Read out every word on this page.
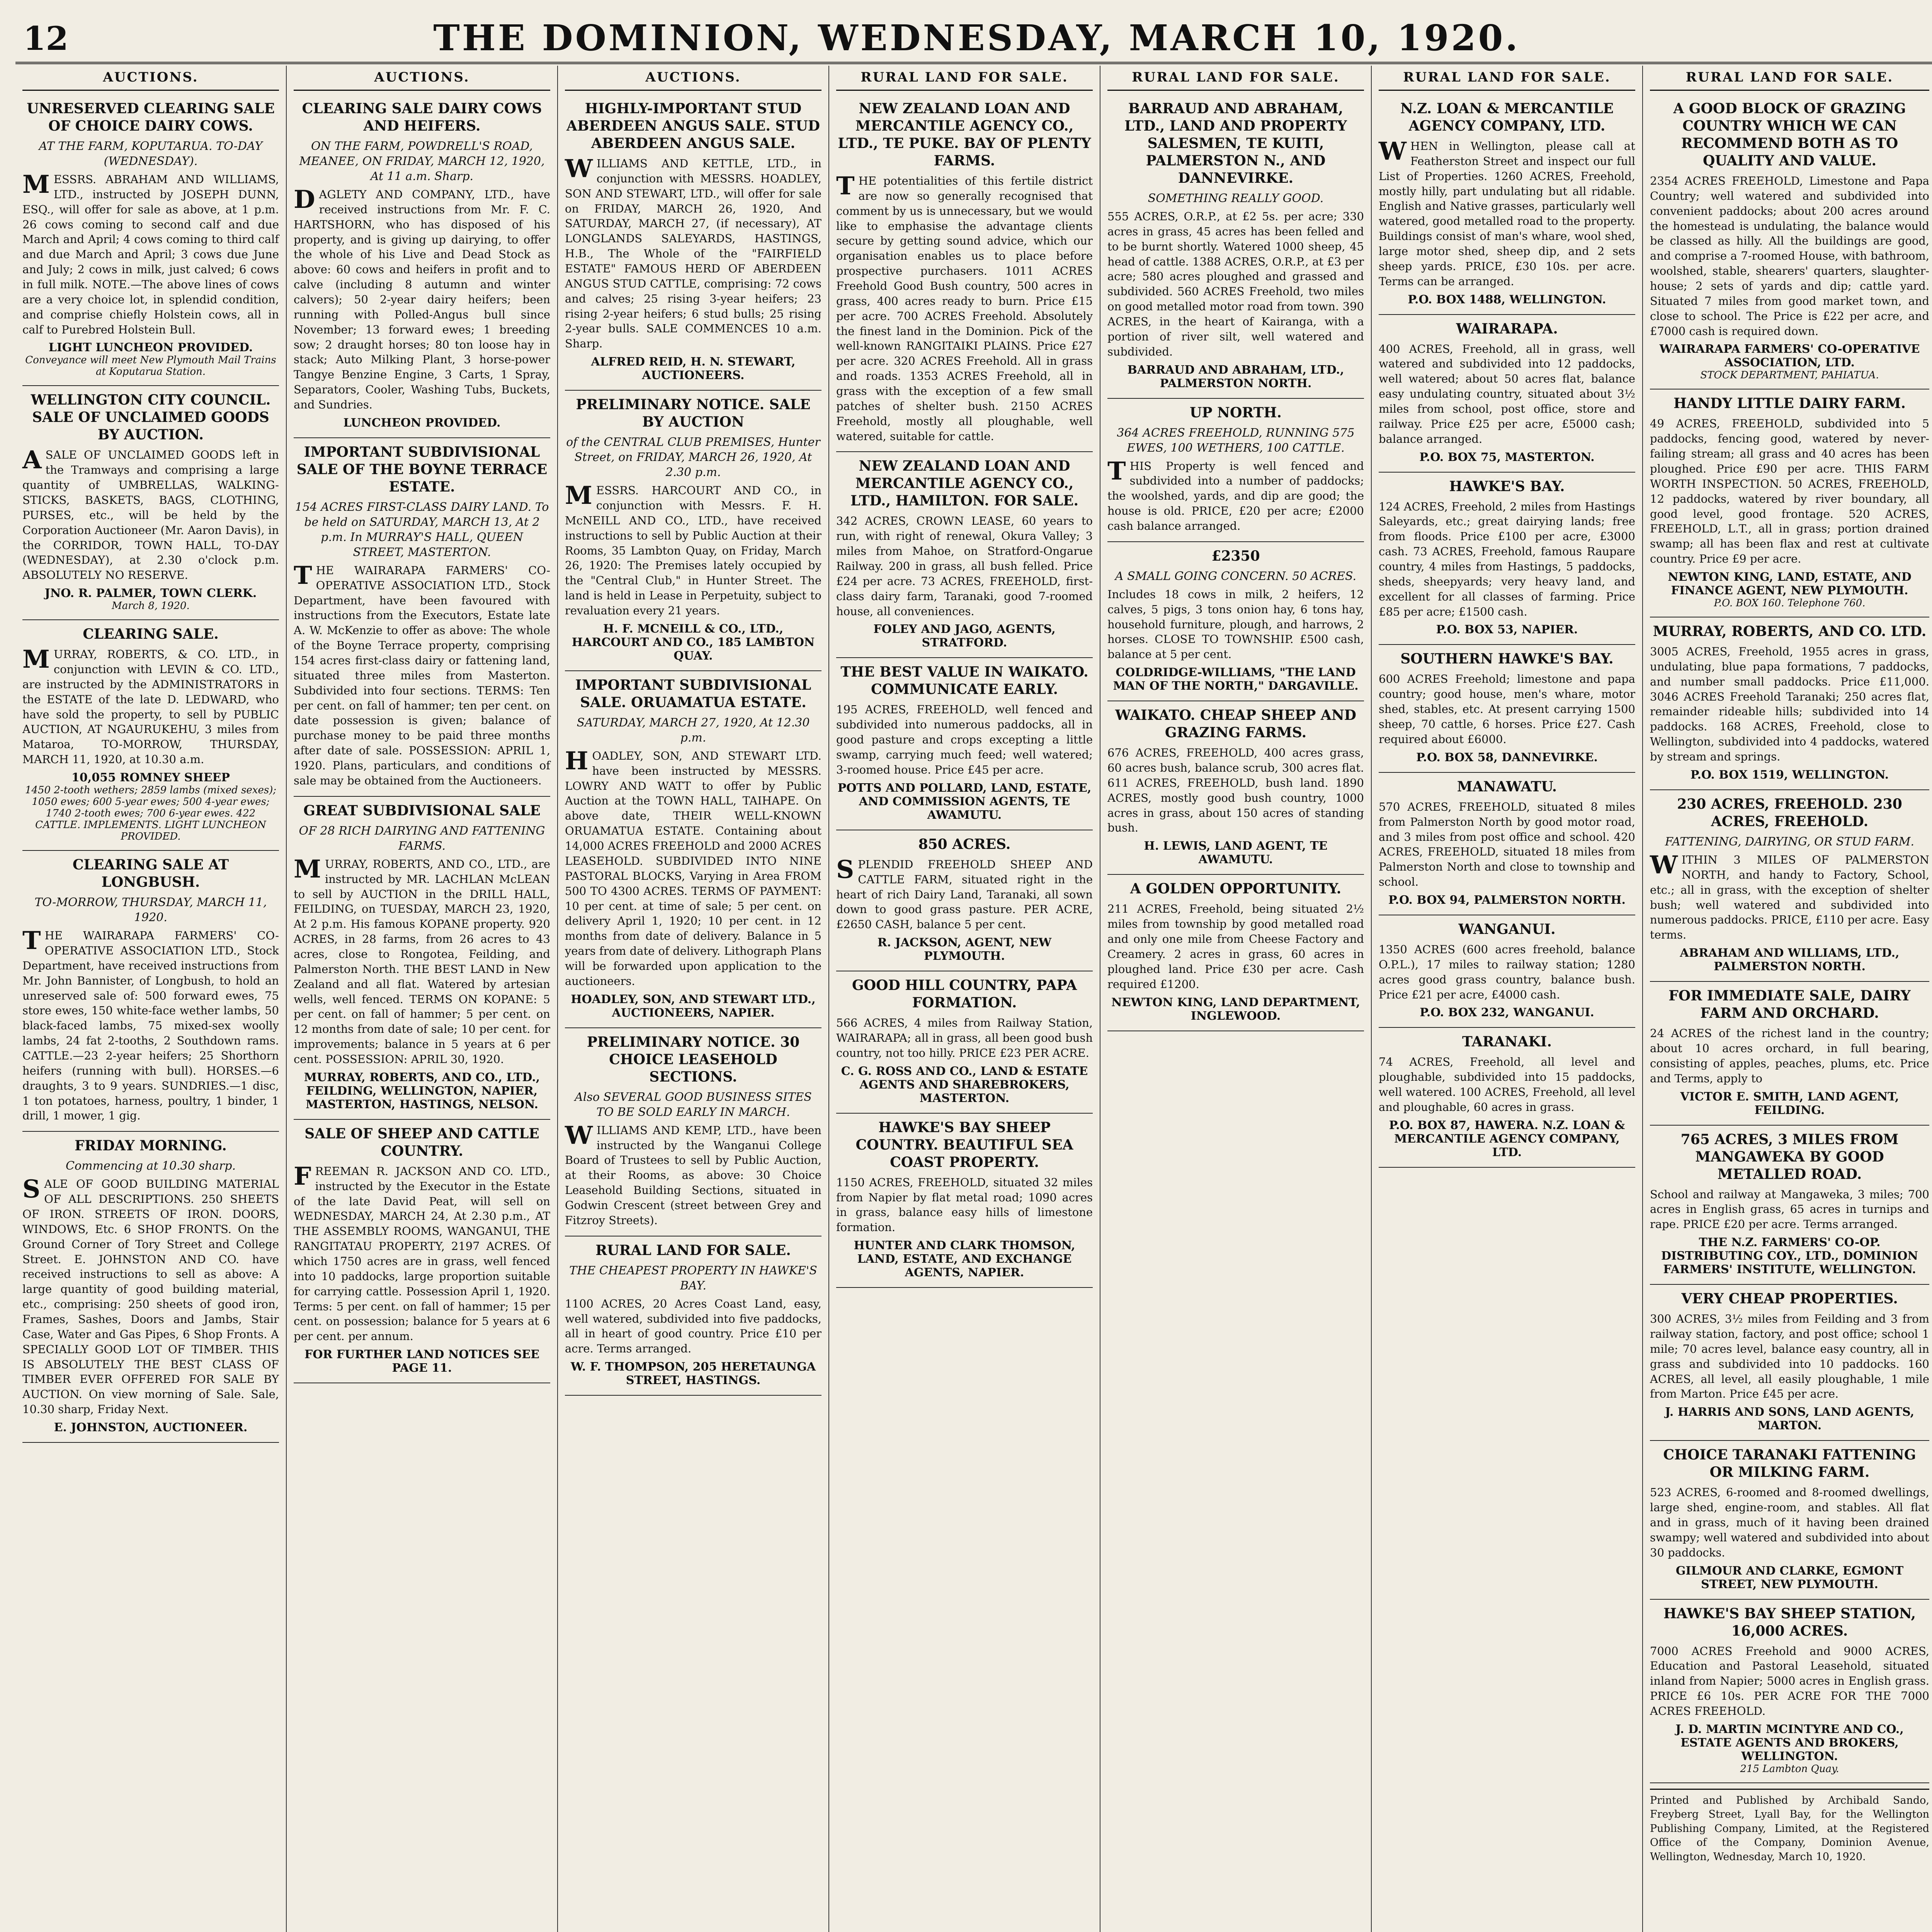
12	THE DOMINION, WEDNESDAY, MARCH 10, 1920.
AUCTIONS.
UNRESERVED CLEARING SALE OF CHOICE DAIRY COWS.
AT THE FARM, KOPUTARUA. TO-DAY (WEDNESDAY).
MESSRS. ABRAHAM AND WILLIAMS, LTD., instructed by JOSEPH DUNN, ESQ., will offer for sale as above, at 1 p.m. 26 cows coming to second calf and due March and April; 4 cows coming to third calf and due March and April; 3 cows due June and July; 2 cows in milk, just calved; 6 cows in full milk. NOTE.—The above lines of cows are a very choice lot, in splendid condition, and comprise chiefly Holstein cows, all in calf to Purebred Holstein Bull.
LIGHT LUNCHEON PROVIDED.
Conveyance will meet New Plymouth Mail Trains at Koputarua Station.
WELLINGTON CITY COUNCIL. SALE OF UNCLAIMED GOODS BY AUCTION.
ASALE OF UNCLAIMED GOODS left in the Tramways and comprising a large quantity of UMBRELLAS, WALKING-STICKS, BASKETS, BAGS, CLOTHING, PURSES, etc., will be held by the Corporation Auctioneer (Mr. Aaron Davis), in the CORRIDOR, TOWN HALL, TO-DAY (WEDNESDAY), at 2.30 o'clock p.m. ABSOLUTELY NO RESERVE.
JNO. R. PALMER, TOWN CLERK.
March 8, 1920.
CLEARING SALE.
MURRAY, ROBERTS, & CO. LTD., in conjunction with LEVIN & CO. LTD., are instructed by the ADMINISTRATORS in the ESTATE of the late D. LEDWARD, who have sold the property, to sell by PUBLIC AUCTION, AT NGAURUKEHU, 3 miles from Mataroa, TO-MORROW, THURSDAY, MARCH 11, 1920, at 10.30 a.m.
10,055 ROMNEY SHEEP
1450 2-tooth wethers; 2859 lambs (mixed sexes); 1050 ewes; 600 5-year ewes; 500 4-year ewes; 1740 2-tooth ewes; 700 6-year ewes. 422 CATTLE. IMPLEMENTS. LIGHT LUNCHEON PROVIDED.
CLEARING SALE AT LONGBUSH.
TO-MORROW, THURSDAY, MARCH 11, 1920.
THE WAIRARAPA FARMERS' CO-OPERATIVE ASSOCIATION LTD., Stock Department, have received instructions from Mr. John Bannister, of Longbush, to hold an unreserved sale of: 500 forward ewes, 75 store ewes, 150 white-face wether lambs, 50 black-faced lambs, 75 mixed-sex woolly lambs, 24 fat 2-tooths, 2 Southdown rams. CATTLE.—23 2-year heifers; 25 Shorthorn heifers (running with bull). HORSES.—6 draughts, 3 to 9 years. SUNDRIES.—1 disc, 1 ton potatoes, harness, poultry, 1 binder, 1 drill, 1 mower, 1 gig.
FRIDAY MORNING.
Commencing at 10.30 sharp.
SALE OF GOOD BUILDING MATERIAL OF ALL DESCRIPTIONS. 250 SHEETS OF IRON. STREETS OF IRON. DOORS, WINDOWS, Etc. 6 SHOP FRONTS. On the Ground Corner of Tory Street and College Street. E. JOHNSTON AND CO. have received instructions to sell as above: A large quantity of good building material, etc., comprising: 250 sheets of good iron, Frames, Sashes, Doors and Jambs, Stair Case, Water and Gas Pipes, 6 Shop Fronts. A SPECIALLY GOOD LOT OF TIMBER. THIS IS ABSOLUTELY THE BEST CLASS OF TIMBER EVER OFFERED FOR SALE BY AUCTION. On view morning of Sale. Sale, 10.30 sharp, Friday Next.
E. JOHNSTON, AUCTIONEER.
AUCTIONS.
CLEARING SALE DAIRY COWS AND HEIFERS.
ON THE FARM, POWDRELL'S ROAD, MEANEE, ON FRIDAY, MARCH 12, 1920, At 11 a.m. Sharp.
DAGLETY AND COMPANY, LTD., have received instructions from Mr. F. C. HARTSHORN, who has disposed of his property, and is giving up dairying, to offer the whole of his Live and Dead Stock as above: 60 cows and heifers in profit and to calve (including 8 autumn and winter calvers); 50 2-year dairy heifers; been running with Polled-Angus bull since November; 13 forward ewes; 1 breeding sow; 2 draught horses; 80 ton loose hay in stack; Auto Milking Plant, 3 horse-power Tangye Benzine Engine, 3 Carts, 1 Spray, Separators, Cooler, Washing Tubs, Buckets, and Sundries.
LUNCHEON PROVIDED.
IMPORTANT SUBDIVISIONAL SALE OF THE BOYNE TERRACE ESTATE.
154 ACRES FIRST-CLASS DAIRY LAND. To be held on SATURDAY, MARCH 13, At 2 p.m. In MURRAY'S HALL, QUEEN STREET, MASTERTON.
THE WAIRARAPA FARMERS' CO-OPERATIVE ASSOCIATION LTD., Stock Department, have been favoured with instructions from the Executors, Estate late A. W. McKenzie to offer as above: The whole of the Boyne Terrace property, comprising 154 acres first-class dairy or fattening land, situated three miles from Masterton. Subdivided into four sections. TERMS: Ten per cent. on fall of hammer; ten per cent. on date possession is given; balance of purchase money to be paid three months after date of sale. POSSESSION: APRIL 1, 1920. Plans, particulars, and conditions of sale may be obtained from the Auctioneers.
GREAT SUBDIVISIONAL SALE
OF 28 RICH DAIRYING AND FATTENING FARMS.
MURRAY, ROBERTS, AND CO., LTD., are instructed by MR. LACHLAN McLEAN to sell by AUCTION in the DRILL HALL, FEILDING, on TUESDAY, MARCH 23, 1920, At 2 p.m. His famous KOPANE property. 920 ACRES, in 28 farms, from 26 acres to 43 acres, close to Rongotea, Feilding, and Palmerston North. THE BEST LAND in New Zealand and all flat. Watered by artesian wells, well fenced. TERMS ON KOPANE: 5 per cent. on fall of hammer; 5 per cent. on 12 months from date of sale; 10 per cent. for improvements; balance in 5 years at 6 per cent. POSSESSION: APRIL 30, 1920.
MURRAY, ROBERTS, AND CO., LTD., FEILDING, WELLINGTON, NAPIER, MASTERTON, HASTINGS, NELSON.
SALE OF SHEEP AND CATTLE COUNTRY.
FREEMAN R. JACKSON AND CO. LTD., instructed by the Executor in the Estate of the late David Peat, will sell on WEDNESDAY, MARCH 24, At 2.30 p.m., AT THE ASSEMBLY ROOMS, WANGANUI, THE RANGITATAU PROPERTY, 2197 ACRES. Of which 1750 acres are in grass, well fenced into 10 paddocks, large proportion suitable for carrying cattle. Possession April 1, 1920. Terms: 5 per cent. on fall of hammer; 15 per cent. on possession; balance for 5 years at 6 per cent. per annum.
FOR FURTHER LAND NOTICES SEE PAGE 11.
AUCTIONS.
HIGHLY-IMPORTANT STUD ABERDEEN ANGUS SALE. STUD ABERDEEN ANGUS SALE.
WILLIAMS AND KETTLE, LTD., in conjunction with MESSRS. HOADLEY, SON AND STEWART, LTD., will offer for sale on FRIDAY, MARCH 26, 1920, And SATURDAY, MARCH 27, (if necessary), AT LONGLANDS SALEYARDS, HASTINGS, H.B., The Whole of the "FAIRFIELD ESTATE" FAMOUS HERD OF ABERDEEN ANGUS STUD CATTLE, comprising: 72 cows and calves; 25 rising 3-year heifers; 23 rising 2-year heifers; 6 stud bulls; 25 rising 2-year bulls. SALE COMMENCES 10 a.m. Sharp.
ALFRED REID, H. N. STEWART, AUCTIONEERS.
PRELIMINARY NOTICE. SALE BY AUCTION
of the CENTRAL CLUB PREMISES, Hunter Street, on FRIDAY, MARCH 26, 1920, At 2.30 p.m.
MESSRS. HARCOURT AND CO., in conjunction with Messrs. F. H. McNEILL AND CO., LTD., have received instructions to sell by Public Auction at their Rooms, 35 Lambton Quay, on Friday, March 26, 1920: The Premises lately occupied by the "Central Club," in Hunter Street. The land is held in Lease in Perpetuity, subject to revaluation every 21 years.
H. F. MCNEILL & CO., LTD., HARCOURT AND CO., 185 LAMBTON QUAY.
IMPORTANT SUBDIVISIONAL SALE. ORUAMATUA ESTATE.
SATURDAY, MARCH 27, 1920, At 12.30 p.m.
HOADLEY, SON, AND STEWART LTD. have been instructed by MESSRS. LOWRY AND WATT to offer by Public Auction at the TOWN HALL, TAIHAPE. On above date, THEIR WELL-KNOWN ORUAMATUA ESTATE. Containing about 14,000 ACRES FREEHOLD and 2000 ACRES LEASEHOLD. SUBDIVIDED INTO NINE PASTORAL BLOCKS, Varying in Area FROM 500 TO 4300 ACRES. TERMS OF PAYMENT: 10 per cent. at time of sale; 5 per cent. on delivery April 1, 1920; 10 per cent. in 12 months from date of delivery. Balance in 5 years from date of delivery. Lithograph Plans will be forwarded upon application to the auctioneers.
HOADLEY, SON, AND STEWART LTD., AUCTIONEERS, NAPIER.
PRELIMINARY NOTICE. 30 CHOICE LEASEHOLD SECTIONS.
Also SEVERAL GOOD BUSINESS SITES TO BE SOLD EARLY IN MARCH.
WILLIAMS AND KEMP, LTD., have been instructed by the Wanganui College Board of Trustees to sell by Public Auction, at their Rooms, as above: 30 Choice Leasehold Building Sections, situated in Godwin Crescent (street between Grey and Fitzroy Streets).
RURAL LAND FOR SALE.
THE CHEAPEST PROPERTY IN HAWKE'S BAY.
1100 ACRES, 20 Acres Coast Land, easy, well watered, subdivided into five paddocks, all in heart of good country. Price £10 per acre. Terms arranged.
W. F. THOMPSON, 205 HERETAUNGA STREET, HASTINGS.
RURAL LAND FOR SALE.
NEW ZEALAND LOAN AND MERCANTILE AGENCY CO., LTD., TE PUKE. BAY OF PLENTY FARMS.
THE potentialities of this fertile district are now so generally recognised that comment by us is unnecessary, but we would like to emphasise the advantage clients secure by getting sound advice, which our organisation enables us to place before prospective purchasers. 1011 ACRES Freehold Good Bush country, 500 acres in grass, 400 acres ready to burn. Price £15 per acre. 700 ACRES Freehold. Absolutely the finest land in the Dominion. Pick of the well-known RANGITAIKI PLAINS. Price £27 per acre. 320 ACRES Freehold. All in grass and roads. 1353 ACRES Freehold, all in grass with the exception of a few small patches of shelter bush. 2150 ACRES Freehold, mostly all ploughable, well watered, suitable for cattle.
NEW ZEALAND LOAN AND MERCANTILE AGENCY CO., LTD., HAMILTON. FOR SALE.
342 ACRES, CROWN LEASE, 60 years to run, with right of renewal, Okura Valley; 3 miles from Mahoe, on Stratford-Ongarue Railway. 200 in grass, all bush felled. Price £24 per acre. 73 ACRES, FREEHOLD, first-class dairy farm, Taranaki, good 7-roomed house, all conveniences.
FOLEY AND JAGO, AGENTS, STRATFORD.
THE BEST VALUE IN WAIKATO. COMMUNICATE EARLY.
195 ACRES, FREEHOLD, well fenced and subdivided into numerous paddocks, all in good pasture and crops excepting a little swamp, carrying much feed; well watered; 3-roomed house. Price £45 per acre.
POTTS AND POLLARD, LAND, ESTATE, AND COMMISSION AGENTS, TE AWAMUTU.
850 ACRES.
SPLENDID FREEHOLD SHEEP AND CATTLE FARM, situated right in the heart of rich Dairy Land, Taranaki, all sown down to good grass pasture. PER ACRE, £2650 CASH, balance 5 per cent.
R. JACKSON, AGENT, NEW PLYMOUTH.
GOOD HILL COUNTRY, PAPA FORMATION.
566 ACRES, 4 miles from Railway Station, WAIRARAPA; all in grass, all been good bush country, not too hilly. PRICE £23 PER ACRE.
C. G. ROSS AND CO., LAND & ESTATE AGENTS AND SHAREBROKERS, MASTERTON.
HAWKE'S BAY SHEEP COUNTRY. BEAUTIFUL SEA COAST PROPERTY.
1150 ACRES, FREEHOLD, situated 32 miles from Napier by flat metal road; 1090 acres in grass, balance easy hills of limestone formation.
HUNTER AND CLARK THOMSON, LAND, ESTATE, AND EXCHANGE AGENTS, NAPIER.
RURAL LAND FOR SALE.
BARRAUD AND ABRAHAM, LTD., LAND AND PROPERTY SALESMEN, TE KUITI, PALMERSTON N., AND DANNEVIRKE.
SOMETHING REALLY GOOD.
555 ACRES, O.R.P., at £2 5s. per acre; 330 acres in grass, 45 acres has been felled and to be burnt shortly. Watered 1000 sheep, 45 head of cattle. 1388 ACRES, O.R.P., at £3 per acre; 580 acres ploughed and grassed and subdivided. 560 ACRES Freehold, two miles on good metalled motor road from town. 390 ACRES, in the heart of Kairanga, with a portion of river silt, well watered and subdivided.
BARRAUD AND ABRAHAM, LTD., PALMERSTON NORTH.
UP NORTH.
364 ACRES FREEHOLD, RUNNING 575 EWES, 100 WETHERS, 100 CATTLE.
THIS Property is well fenced and subdivided into a number of paddocks; the woolshed, yards, and dip are good; the house is old. PRICE, £20 per acre; £2000 cash balance arranged.
£2350
A SMALL GOING CONCERN. 50 ACRES.
Includes 18 cows in milk, 2 heifers, 12 calves, 5 pigs, 3 tons onion hay, 6 tons hay, household furniture, plough, and harrows, 2 horses. CLOSE TO TOWNSHIP. £500 cash, balance at 5 per cent.
COLDRIDGE-WILLIAMS, "THE LAND MAN OF THE NORTH," DARGAVILLE.
WAIKATO. CHEAP SHEEP AND GRAZING FARMS.
676 ACRES, FREEHOLD, 400 acres grass, 60 acres bush, balance scrub, 300 acres flat. 611 ACRES, FREEHOLD, bush land. 1890 ACRES, mostly good bush country, 1000 acres in grass, about 150 acres of standing bush.
H. LEWIS, LAND AGENT, TE AWAMUTU.
A GOLDEN OPPORTUNITY.
211 ACRES, Freehold, being situated 2½ miles from township by good metalled road and only one mile from Cheese Factory and Creamery. 2 acres in grass, 60 acres in ploughed land. Price £30 per acre. Cash required £1200.
NEWTON KING, LAND DEPARTMENT, INGLEWOOD.
RURAL LAND FOR SALE.
N.Z. LOAN & MERCANTILE AGENCY COMPANY, LTD.
WHEN in Wellington, please call at Featherston Street and inspect our full List of Properties. 1260 ACRES, Freehold, mostly hilly, part undulating but all ridable. English and Native grasses, particularly well watered, good metalled road to the property. Buildings consist of man's whare, wool shed, large motor shed, sheep dip, and 2 sets sheep yards. PRICE, £30 10s. per acre. Terms can be arranged.
P.O. BOX 1488, WELLINGTON.
WAIRARAPA.
400 ACRES, Freehold, all in grass, well watered and subdivided into 12 paddocks, well watered; about 50 acres flat, balance easy undulating country, situated about 3½ miles from school, post office, store and railway. Price £25 per acre, £5000 cash; balance arranged.
P.O. BOX 75, MASTERTON.
HAWKE'S BAY.
124 ACRES, Freehold, 2 miles from Hastings Saleyards, etc.; great dairying lands; free from floods. Price £100 per acre, £3000 cash. 73 ACRES, Freehold, famous Raupare country, 4 miles from Hastings, 5 paddocks, sheds, sheepyards; very heavy land, and excellent for all classes of farming. Price £85 per acre; £1500 cash.
P.O. BOX 53, NAPIER.
SOUTHERN HAWKE'S BAY.
600 ACRES Freehold; limestone and papa country; good house, men's whare, motor shed, stables, etc. At present carrying 1500 sheep, 70 cattle, 6 horses. Price £27. Cash required about £6000.
P.O. BOX 58, DANNEVIRKE.
MANAWATU.
570 ACRES, FREEHOLD, situated 8 miles from Palmerston North by good motor road, and 3 miles from post office and school. 420 ACRES, FREEHOLD, situated 18 miles from Palmerston North and close to township and school.
P.O. BOX 94, PALMERSTON NORTH.
WANGANUI.
1350 ACRES (600 acres freehold, balance O.P.L.), 17 miles to railway station; 1280 acres good grass country, balance bush. Price £21 per acre, £4000 cash.
P.O. BOX 232, WANGANUI.
TARANAKI.
74 ACRES, Freehold, all level and ploughable, subdivided into 15 paddocks, well watered. 100 ACRES, Freehold, all level and ploughable, 60 acres in grass.
P.O. BOX 87, HAWERA. N.Z. LOAN & MERCANTILE AGENCY COMPANY, LTD.
RURAL LAND FOR SALE.
A GOOD BLOCK OF GRAZING COUNTRY WHICH WE CAN RECOMMEND BOTH AS TO QUALITY AND VALUE.
2354 ACRES FREEHOLD, Limestone and Papa Country; well watered and subdivided into convenient paddocks; about 200 acres around the homestead is undulating, the balance would be classed as hilly. All the buildings are good, and comprise a 7-roomed House, with bathroom, woolshed, stable, shearers' quarters, slaughter-house; 2 sets of yards and dip; cattle yard. Situated 7 miles from good market town, and close to school. The Price is £22 per acre, and £7000 cash is required down.
WAIRARAPA FARMERS' CO-OPERATIVE ASSOCIATION, LTD.
STOCK DEPARTMENT, PAHIATUA.
HANDY LITTLE DAIRY FARM.
49 ACRES, FREEHOLD, subdivided into 5 paddocks, fencing good, watered by never-failing stream; all grass and 40 acres has been ploughed. Price £90 per acre. THIS FARM WORTH INSPECTION. 50 ACRES, FREEHOLD, 12 paddocks, watered by river boundary, all good level, good frontage. 520 ACRES, FREEHOLD, L.T., all in grass; portion drained swamp; all has been flax and rest at cultivate country. Price £9 per acre.
NEWTON KING, LAND, ESTATE, AND FINANCE AGENT, NEW PLYMOUTH.
P.O. BOX 160. Telephone 760.
MURRAY, ROBERTS, AND CO. LTD.
3005 ACRES, Freehold, 1955 acres in grass, undulating, blue papa formations, 7 paddocks, and number small paddocks. Price £11,000. 3046 ACRES Freehold Taranaki; 250 acres flat, remainder rideable hills; subdivided into 14 paddocks. 168 ACRES, Freehold, close to Wellington, subdivided into 4 paddocks, watered by stream and springs.
P.O. BOX 1519, WELLINGTON.
230 ACRES, FREEHOLD. 230 ACRES, FREEHOLD.
FATTENING, DAIRYING, OR STUD FARM.
WITHIN 3 MILES OF PALMERSTON NORTH, and handy to Factory, School, etc.; all in grass, with the exception of shelter bush; well watered and subdivided into numerous paddocks. PRICE, £110 per acre. Easy terms.
ABRAHAM AND WILLIAMS, LTD., PALMERSTON NORTH.
FOR IMMEDIATE SALE, DAIRY FARM AND ORCHARD.
24 ACRES of the richest land in the country; about 10 acres orchard, in full bearing, consisting of apples, peaches, plums, etc. Price and Terms, apply to
VICTOR E. SMITH, LAND AGENT, FEILDING.
765 ACRES, 3 MILES FROM MANGAWEKA BY GOOD METALLED ROAD.
School and railway at Mangaweka, 3 miles; 700 acres in English grass, 65 acres in turnips and rape. PRICE £20 per acre. Terms arranged.
THE N.Z. FARMERS' CO-OP. DISTRIBUTING COY., LTD., DOMINION FARMERS' INSTITUTE, WELLINGTON.
VERY CHEAP PROPERTIES.
300 ACRES, 3½ miles from Feilding and 3 from railway station, factory, and post office; school 1 mile; 70 acres level, balance easy country, all in grass and subdivided into 10 paddocks. 160 ACRES, all level, all easily ploughable, 1 mile from Marton. Price £45 per acre.
J. HARRIS AND SONS, LAND AGENTS, MARTON.
CHOICE TARANAKI FATTENING OR MILKING FARM.
523 ACRES, 6-roomed and 8-roomed dwellings, large shed, engine-room, and stables. All flat and in grass, much of it having been drained swampy; well watered and subdivided into about 30 paddocks.
GILMOUR AND CLARKE, EGMONT STREET, NEW PLYMOUTH.
HAWKE'S BAY SHEEP STATION, 16,000 ACRES.
7000 ACRES Freehold and 9000 ACRES, Education and Pastoral Leasehold, situated inland from Napier; 5000 acres in English grass. PRICE £6 10s. PER ACRE FOR THE 7000 ACRES FREEHOLD.
J. D. MARTIN MCINTYRE AND CO., ESTATE AGENTS AND BROKERS, WELLINGTON.
215 Lambton Quay.
Printed and Published by Archibald Sando, Freyberg Street, Lyall Bay, for the Wellington Publishing Company, Limited, at the Registered Office of the Company, Dominion Avenue, Wellington, Wednesday, March 10, 1920.
